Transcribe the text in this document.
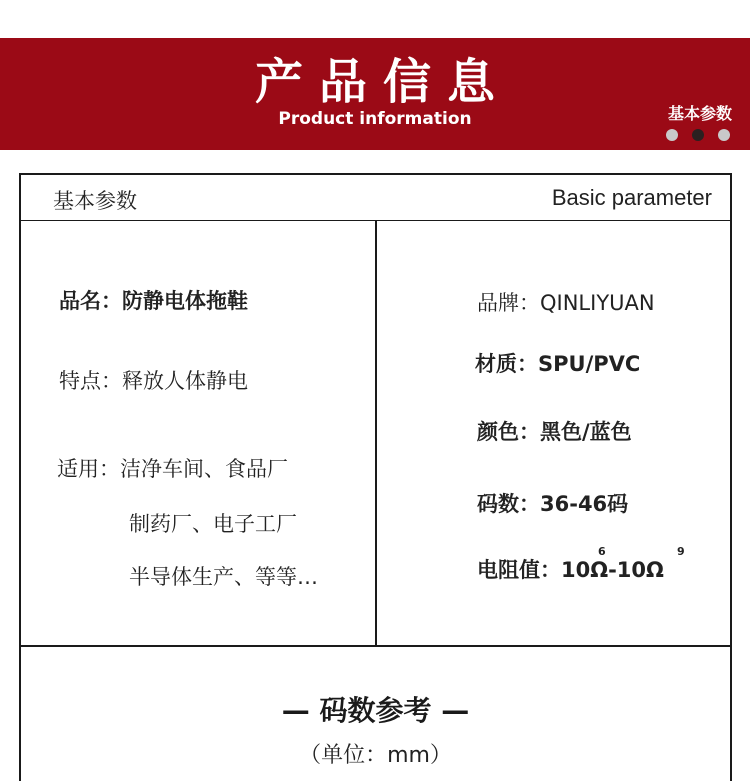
产品信息
Product information	基本参数
基本参数	Basic parameter
品名：防静电体拖鞋
特点：释放人体静电
适用：洁净车间、食品厂
制药厂、电子工厂
半导体生产、等等…
品牌：QINLIYUAN
材质：SPU/PVC
颜色：黑色/蓝色
码数：36-46码
电阻值：10Ω-10Ω
6	9
— 码数参考 —
（单位：mm）
